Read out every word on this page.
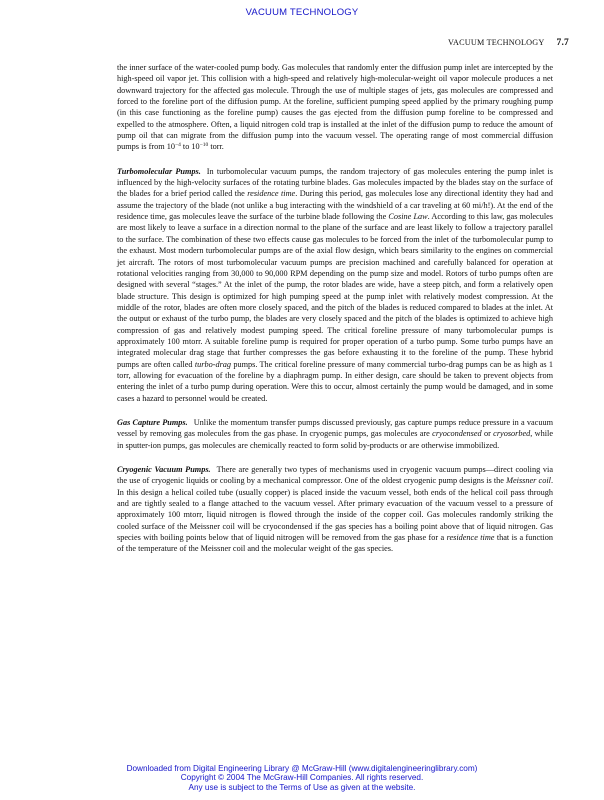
VACUUM TECHNOLOGY
VACUUM TECHNOLOGY 7.7

the inner surface of the water-cooled pump body. Gas molecules that randomly enter the diffusion pump inlet are intercepted by the high-speed oil vapor jet. This collision with a high-speed and relatively high-molecular-weight oil vapor molecule produces a net downward trajectory for the affected gas molecule. Through the use of multiple stages of jets, gas molecules are compressed and forced to the foreline port of the diffusion pump. At the foreline, sufficient pumping speed applied by the primary roughing pump (in this case functioning as the foreline pump) causes the gas ejected from the diffusion pump foreline to be compressed and expelled to the atmosphere. Often, a liquid nitrogen cold trap is installed at the inlet of the diffusion pump to reduce the amount of pump oil that can migrate from the diffusion pump into the vacuum vessel. The operating range of most commercial diffusion pumps is from $10^{-4}$ to $10^{-10}$ torr.

Turbomolecular Pumps. In turbomolecular vacuum pumps, the random trajectory of gas molecules entering the pump inlet is influenced by the high-velocity surfaces of the rotating turbine blades. Gas molecules impacted by the blades stay on the surface of the blades for a brief period called the residence time. During this period, gas molecules lose any directional identity they had and assume the trajectory of the blade (not unlike a bug interacting with the windshield of a car traveling at 60 mi/h!). At the end of the residence time, gas molecules leave the surface of the turbine blade following the Cosine Law. According to this law, gas molecules are most likely to leave a surface in a direction normal to the plane of the surface and are least likely to follow a trajectory parallel to the surface. The combination of these two effects cause gas molecules to be forced from the inlet of the turbomolecular pump to the exhaust. Most modern turbomolecular pumps are of the axial flow design, which bears similarity to the engines on commercial jet aircraft. The rotors of most turbomolecular vacuum pumps are precision machined and carefully balanced for operation at rotational velocities ranging from 30,000 to 90,000 RPM depending on the pump size and model. Rotors of turbo pumps often are designed with several “stages.” At the inlet of the pump, the rotor blades are wide, have a steep pitch, and form a relatively open blade structure. This design is optimized for high pumping speed at the pump inlet with relatively modest compression. At the middle of the rotor, blades are often more closely spaced, and the pitch of the blades is reduced compared to blades at the inlet. At the output or exhaust of the turbo pump, the blades are very closely spaced and the pitch of the blades is optimized to achieve high compression of gas and relatively modest pumping speed. The critical foreline pressure of many turbomolecular pumps is approximately 100 mtorr. A suitable foreline pump is required for proper operation of a turbo pump. Some turbo pumps have an integrated molecular drag stage that further compresses the gas before exhausting it to the foreline of the pump. These hybrid pumps are often called turbo-drag pumps. The critical foreline pressure of many commercial turbo-drag pumps can be as high as 1 torr, allowing for evacuation of the foreline by a diaphragm pump. In either design, care should be taken to prevent objects from entering the inlet of a turbo pump during operation. Were this to occur, almost certainly the pump would be damaged, and in some cases a hazard to personnel would be created.

Gas Capture Pumps. Unlike the momentum transfer pumps discussed previously, gas capture pumps reduce pressure in a vacuum vessel by removing gas molecules from the gas phase. In cryogenic pumps, gas molecules are cryocondensed or cryosorbed, while in sputter-ion pumps, gas molecules are chemically reacted to form solid by-products or are otherwise immobilized.

Cryogenic Vacuum Pumps. There are generally two types of mechanisms used in cryogenic vacuum pumps—direct cooling via the use of cryogenic liquids or cooling by a mechanical compressor. One of the oldest cryogenic pump designs is the Meissner coil. In this design a helical coiled tube (usually copper) is placed inside the vacuum vessel, both ends of the helical coil pass through and are tightly sealed to a flange attached to the vacuum vessel. After primary evacuation of the vacuum vessel to a pressure of approximately 100 mtorr, liquid nitrogen is flowed through the inside of the copper coil. Gas molecules randomly striking the cooled surface of the Meissner coil will be cryocondensed if the gas species has a boiling point above that of liquid nitrogen. Gas species with boiling points below that of liquid nitrogen will be removed from the gas phase for a residence time that is a function of the temperature of the Meissner coil and the molecular weight of the gas species.

Downloaded from Digital Engineering Library @ McGraw-Hill (www.digitalengineeringlibrary.com)
Copyright © 2004 The McGraw-Hill Companies. All rights reserved.
Any use is subject to the Terms of Use as given at the website.
